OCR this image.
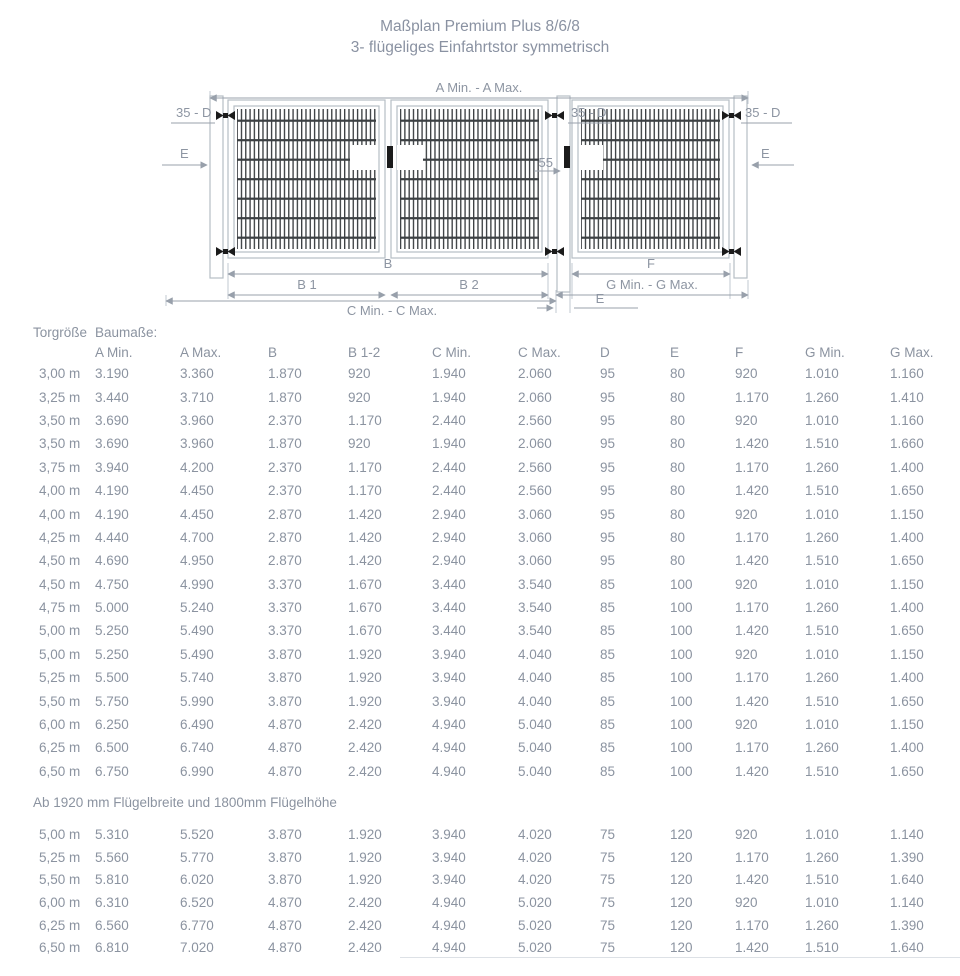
Maßplan Premium Plus 8/6/8
3- flügeliges Einfahrtstor symmetrisch
A Min. - A Max.
35 - D	35 - D	35 - D
E	E
55
B	F
B 1	B 2	G Min. - G Max.
C Min. - C Max.
E
Torgröße Baumaße:
A Min.	A Max.	B	B 1-2	C Min.	C Max.	D	E	F	G Min.	G Max.
3,00 m	3.190	3.360	1.870	920	1.940	2.060	95	80	920	1.010	1.160
3,25 m	3.440	3.710	1.870	920	1.940	2.060	95	80	1.170	1.260	1.410
3,50 m	3.690	3.960	2.370	1.170	2.440	2.560	95	80	920	1.010	1.160
3,50 m	3.690	3.960	1.870	920	1.940	2.060	95	80	1.420	1.510	1.660
3,75 m	3.940	4.200	2.370	1.170	2.440	2.560	95	80	1.170	1.260	1.400
4,00 m	4.190	4.450	2.370	1.170	2.440	2.560	95	80	1.420	1.510	1.650
4,00 m	4.190	4.450	2.870	1.420	2.940	3.060	95	80	920	1.010	1.150
4,25 m	4.440	4.700	2.870	1.420	2.940	3.060	95	80	1.170	1.260	1.400
4,50 m	4.690	4.950	2.870	1.420	2.940	3.060	95	80	1.420	1.510	1.650
4,50 m	4.750	4.990	3.370	1.670	3.440	3.540	85	100	920	1.010	1.150
4,75 m	5.000	5.240	3.370	1.670	3.440	3.540	85	100	1.170	1.260	1.400
5,00 m	5.250	5.490	3.370	1.670	3.440	3.540	85	100	1.420	1.510	1.650
5,00 m	5.250	5.490	3.870	1.920	3.940	4.040	85	100	920	1.010	1.150
5,25 m	5.500	5.740	3.870	1.920	3.940	4.040	85	100	1.170	1.260	1.400
5,50 m	5.750	5.990	3.870	1.920	3.940	4.040	85	100	1.420	1.510	1.650
6,00 m	6.250	6.490	4.870	2.420	4.940	5.040	85	100	920	1.010	1.150
6,25 m	6.500	6.740	4.870	2.420	4.940	5.040	85	100	1.170	1.260	1.400
6,50 m	6.750	6.990	4.870	2.420	4.940	5.040	85	100	1.420	1.510	1.650
Ab 1920 mm Flügelbreite und 1800mm Flügelhöhe
5,00 m	5.310	5.520	3.870	1.920	3.940	4.020	75	120	920	1.010	1.140
5,25 m	5.560	5.770	3.870	1.920	3.940	4.020	75	120	1.170	1.260	1.390
5,50 m	5.810	6.020	3.870	1.920	3.940	4.020	75	120	1.420	1.510	1.640
6,00 m	6.310	6.520	4.870	2.420	4.940	5.020	75	120	920	1.010	1.140
6,25 m	6.560	6.770	4.870	2.420	4.940	5.020	75	120	1.170	1.260	1.390
6,50 m	6.810	7.020	4.870	2.420	4.940	5.020	75	120	1.420	1.510	1.640
